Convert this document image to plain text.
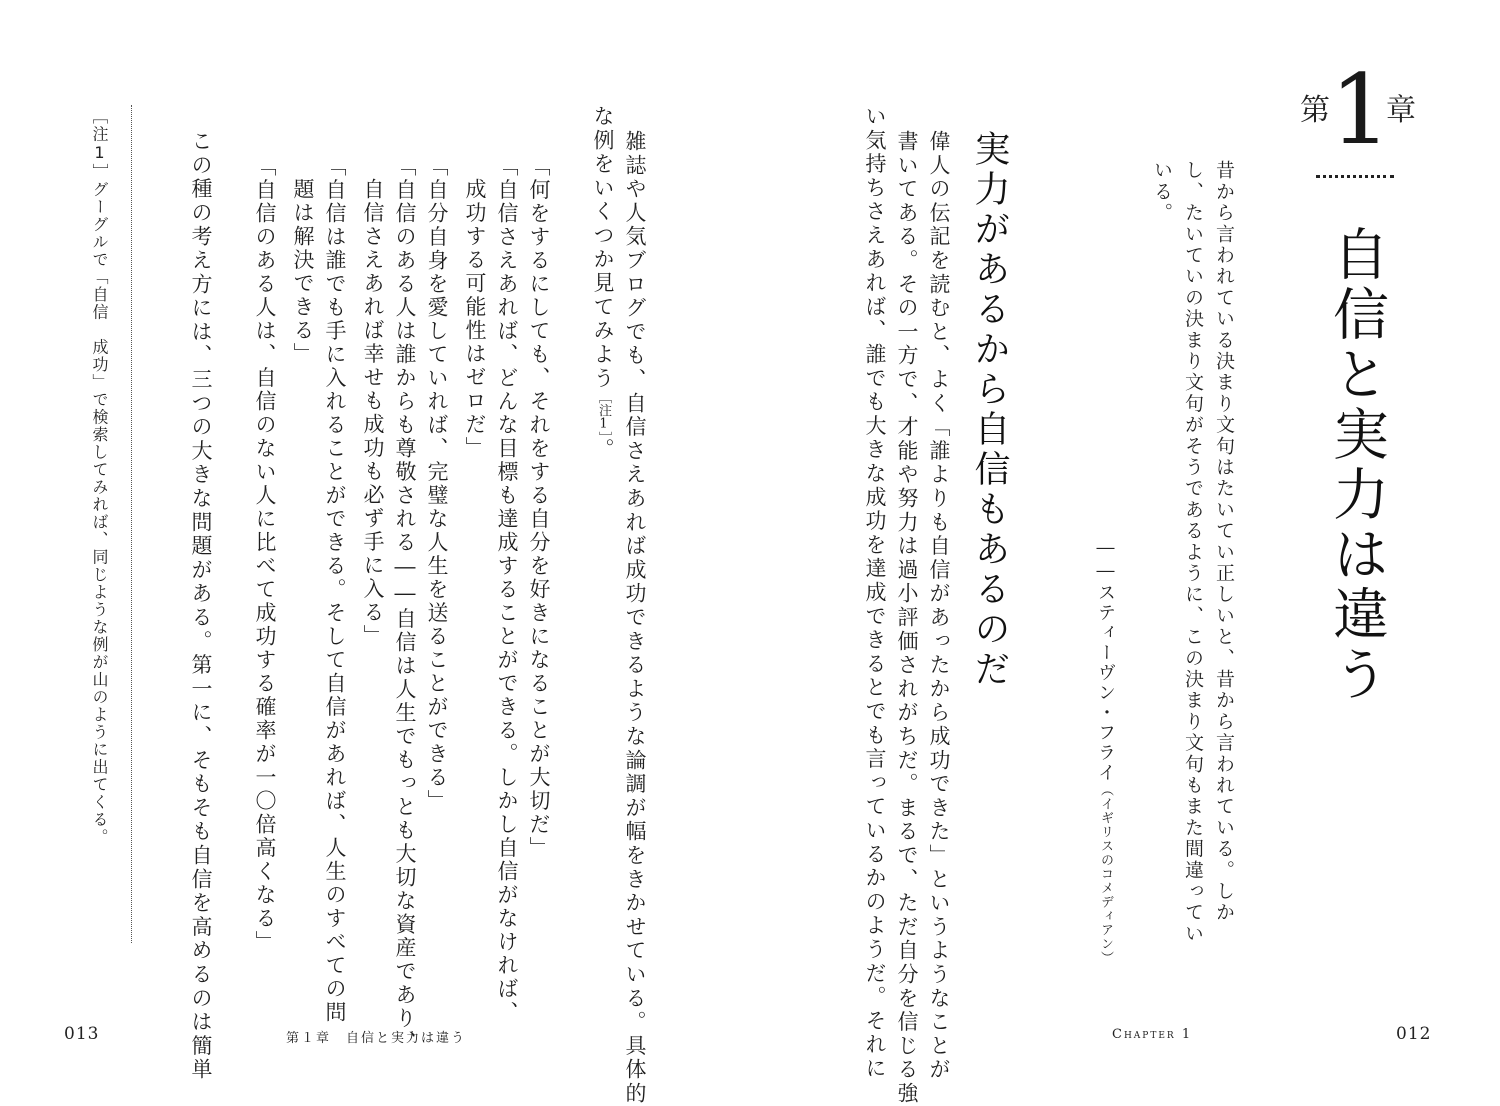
第 1
章
自信と実力は違う
昔から言われている決まり文句はたいてい正しいと、昔から言われている。しか
し、たいていの決まり文句がそうであるように、この決まり文句もまた間違ってい
いる。
――スティーヴン・フライ（イギリスのコメディアン）
実力があるから自信もあるのだ
偉人の伝記を読むと、よく「誰よりも自信があったから成功できた」というようなことが
書いてある。その一方で、才能や努力は過小評価されがちだ。まるで、ただ自分を信じる強
い気持ちさえあれば、誰でも大きな成功を達成できるとでも言っているかのようだ。それに
雑誌や人気ブログでも、自信さえあれば成功できるような論調が幅をきかせている。具体的
な例をいくつか見てみよう［注1］。
「何をするにしても、それをする自分を好きになることが大切だ」
「自信さえあれば、どんな目標も達成することができる。しかし自信がなければ、
成功する可能性はゼロだ」
「自分自身を愛していれば、完璧な人生を送ることができる」
「自信のある人は誰からも尊敬される――自信は人生でもっとも大切な資産であり、
自信さえあれば幸せも成功も必ず手に入る」
「自信は誰でも手に入れることができる。そして自信があれば、人生のすべての問
題は解決できる」
「自信のある人は、自信のない人に比べて成功する確率が一〇倍高くなる」
この種の考え方には、三つの大きな問題がある。第一に、そもそも自信を高めるのは簡単
［注1］グーグルで「自信　成功」で検索してみれば、同じような例が山のように出てくる。
013	第１章　自信と実力は違う	Chapter 1	012
